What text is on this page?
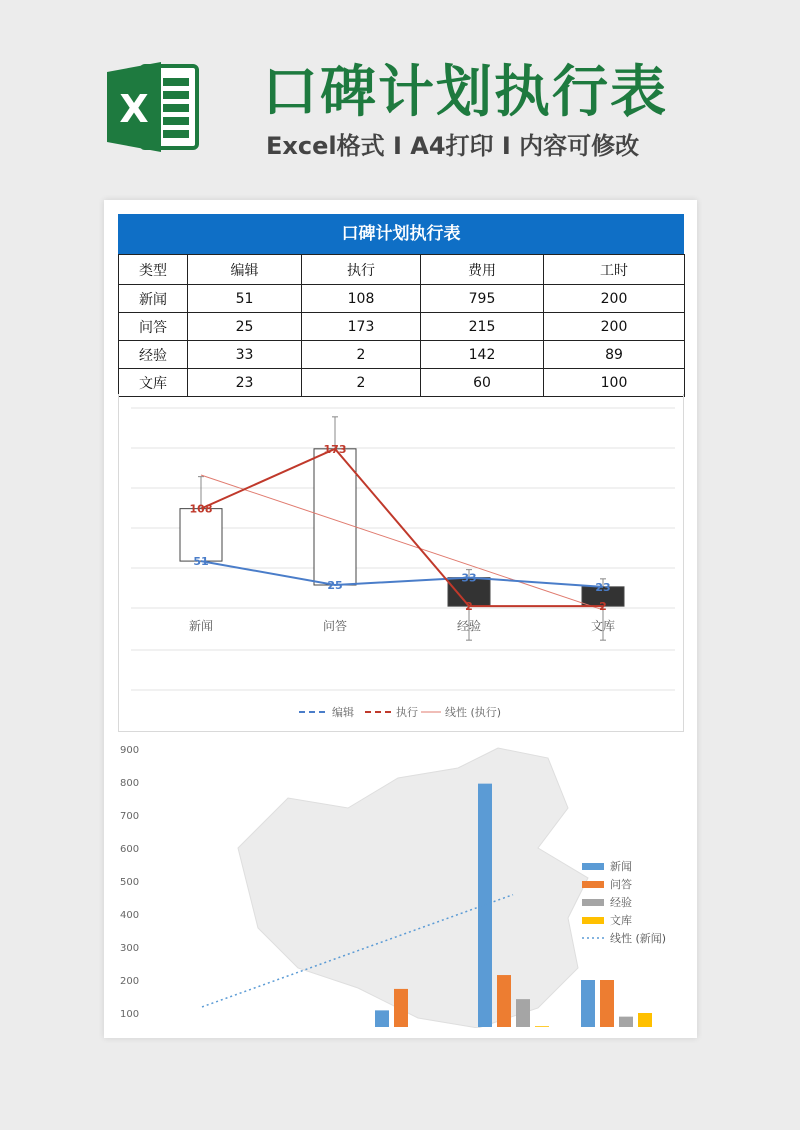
X 口碑计划执行表
Excel格式 I A4打印 I 内容可修改
口碑计划执行表
类型	编辑	执行	费用	工时
新闻	51	108	795	200
问答	25	173	215	200
经验	33	2	142	89
文库	23	2	60	100
51
25
33
23
108
173
2	2
新闻	问答	经验	文库
编辑	执行 线性 (执行)
100
200
300
400
500
600
700
800
900
新闻
问答
经验
文库
线性 (新闻)
